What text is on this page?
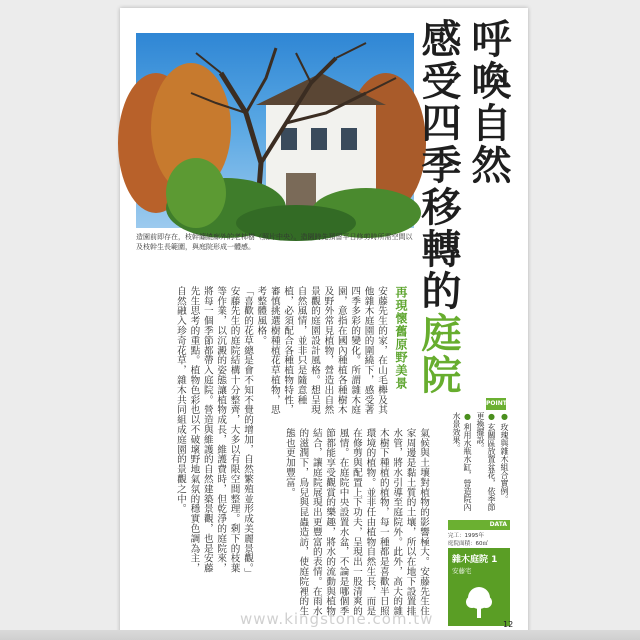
造園前即存在，枝幹纏繞廊外的老柿樹（照片中央）。造園時先預留平日修剪時所需空間以及枝幹生長範圍，與庭院形成一體感。
呼喚自然
感受四季移轉的庭院
再現懷舊原野美景
安藤先生的家，在山毛櫸及其他雜木庭園的圍繞下，感受著四季多彩的變化。所謂雜木庭園，意指在國內種植各種樹木及野外常見植物，營造出自然景觀的庭園設計風格。想呈現自然風情，並非只是隨意種植，必須配合各種植物特性，審慎挑選樹種植花草植物，思考整體風格。
「喜歡的花草總是會不知不覺的增加，自然繁殖並形成美麗景觀。」安藤先生的庭院結構十分整齊，大多以有限空間整理。剩下的枝葉等作業，以沉澱的姿態讓植物成長，維護費時，但乾淨的庭院來，將每一個季節都帶入庭院。營造與維護的自然建築景觀，也是安藤先生思考的重點。植物色彩也以不破壞野地氣氛的穩實色調為主，自然融入珍奇花草，雜木共同組成庭園的景觀之中。
氣候與土壤對植物的影響極大。安藤先生住家周邊是黏土質的土壤，所以在地下設置排水管，將水引導至庭院外。此外，高大的雜木樹下種植的植物，每一種都是喜歡半日照環境的植物。並非任由植物自然生長，而是在修剪與配置上下功夫，呈現出一股清爽的風情。在庭院中央設置水盆，不論是哪個季節都能享受觀賞的樂趣，將水的流動與植物結合，讓庭院展現出更豐富的表情。在雨水的滋潤下，鳥兒與昆蟲造訪，使庭院裡的生態也更加豐富。
POINT
● 玫瑰與雜木組合實例。
● 玄關區放置盆花，依季節更換擺設。
● 利用水瓶水缸，營造院內水景效果。
DATA
完工：1995年
庭院面積：60㎡
雜木庭院 1
安藤宅
www.kingstone.com.tw	12
